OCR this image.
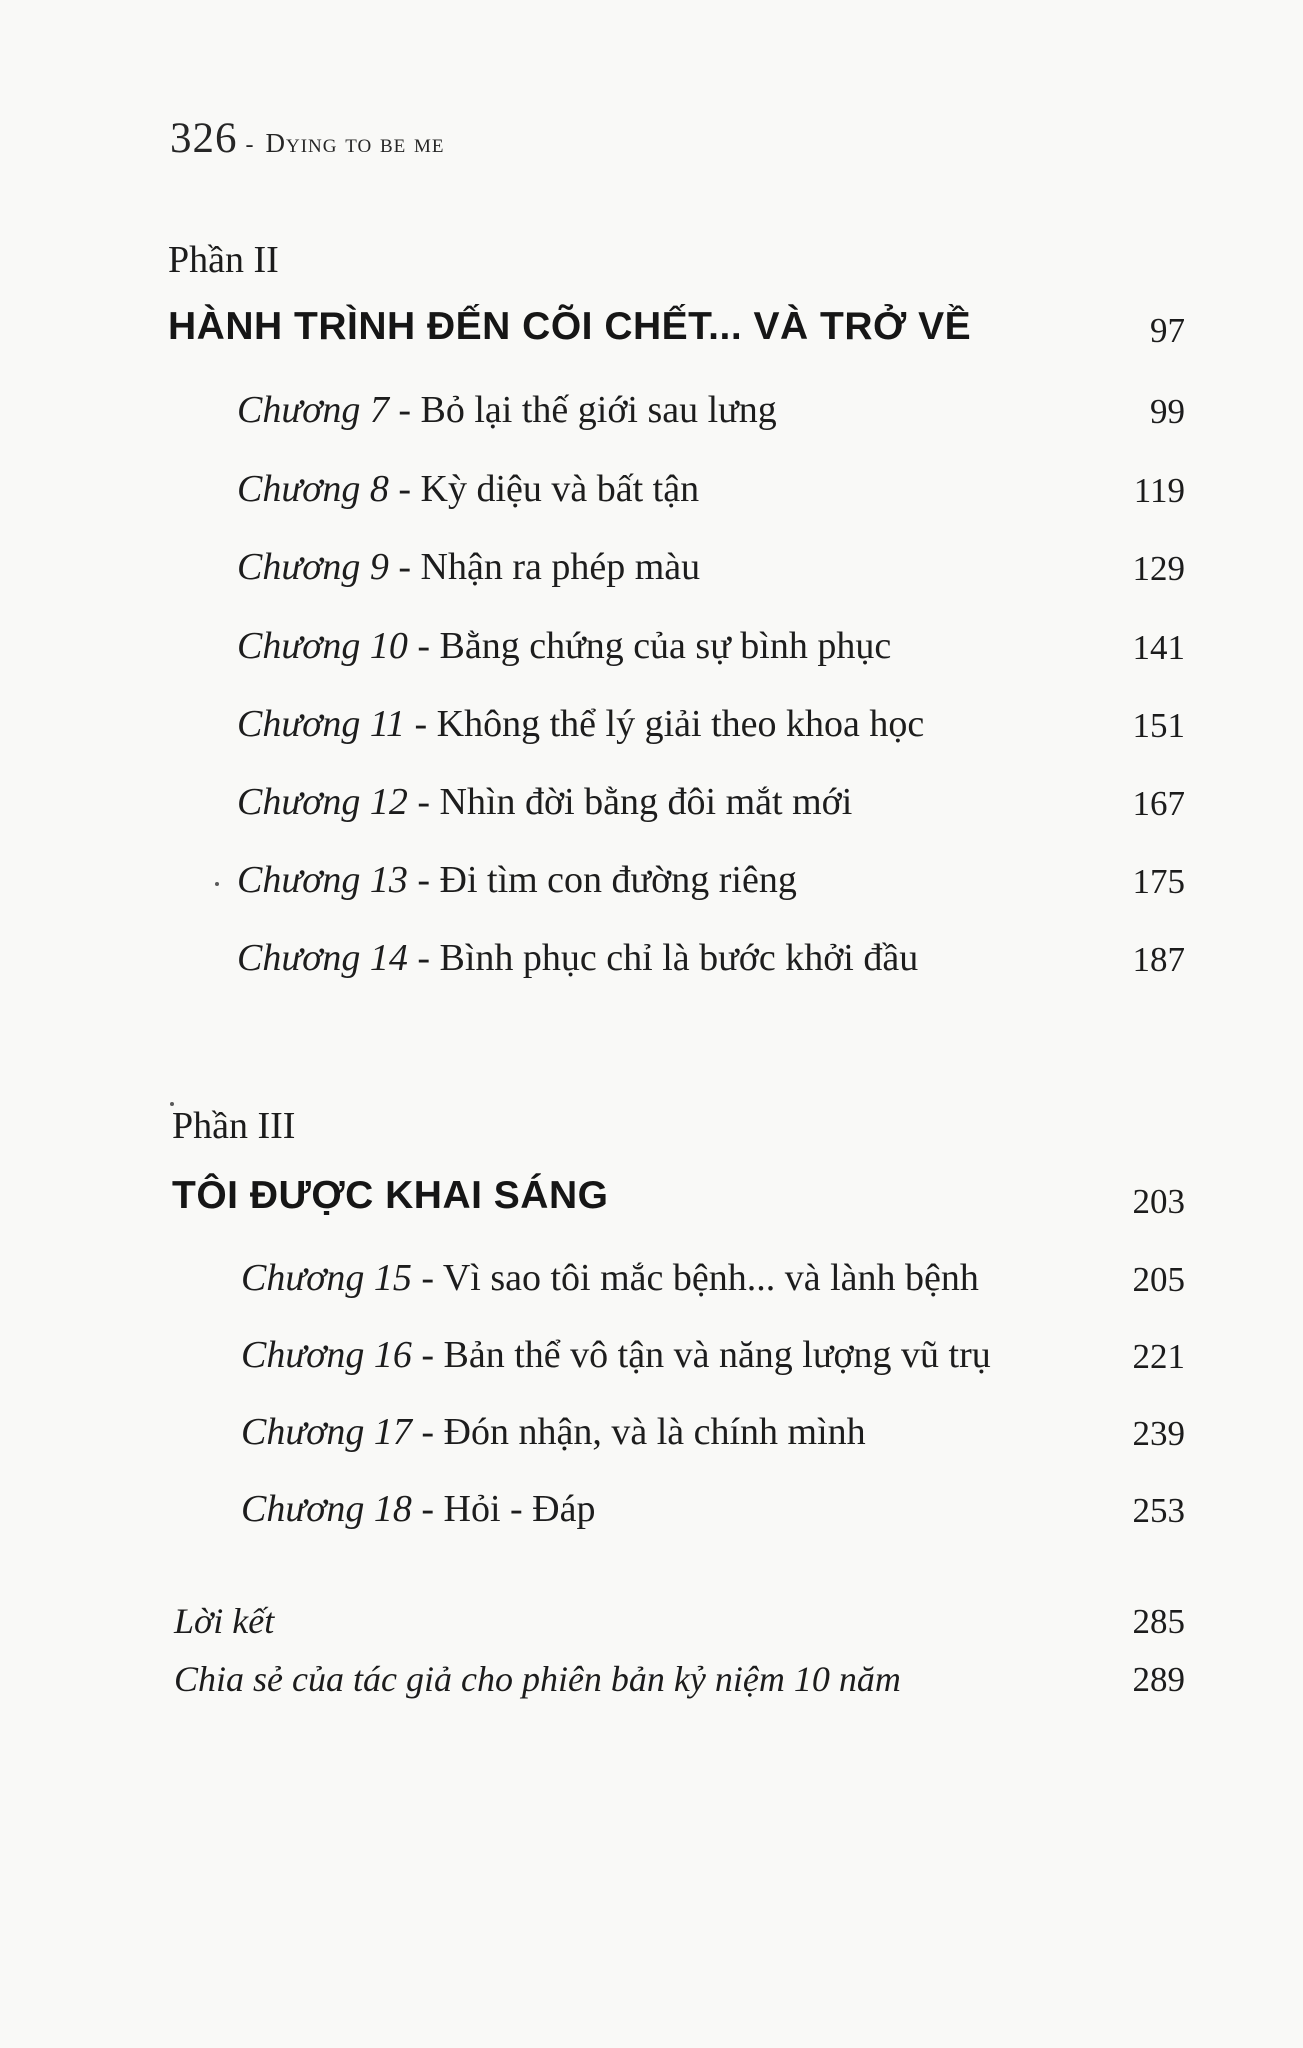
326 - Dying to be me
Phần II
HÀNH TRÌNH ĐẾN CÕI CHẾT... VÀ TRỞ VỀ	97
Chương 7 - Bỏ lại thế giới sau lưng	99
Chương 8 - Kỳ diệu và bất tận	119
Chương 9 - Nhận ra phép màu	129
Chương 10 - Bằng chứng của sự bình phục	141
Chương 11 - Không thể lý giải theo khoa học	151
Chương 12 - Nhìn đời bằng đôi mắt mới	167
Chương 13 - Đi tìm con đường riêng	175
Chương 14 - Bình phục chỉ là bước khởi đầu	187
Phần III
TÔI ĐƯỢC KHAI SÁNG	203
Chương 15 - Vì sao tôi mắc bệnh... và lành bệnh	205
Chương 16 - Bản thể vô tận và năng lượng vũ trụ	221
Chương 17 - Đón nhận, và là chính mình	239
Chương 18 - Hỏi - Đáp	253
Lời kết	285
Chia sẻ của tác giả cho phiên bản kỷ niệm 10 năm	289
